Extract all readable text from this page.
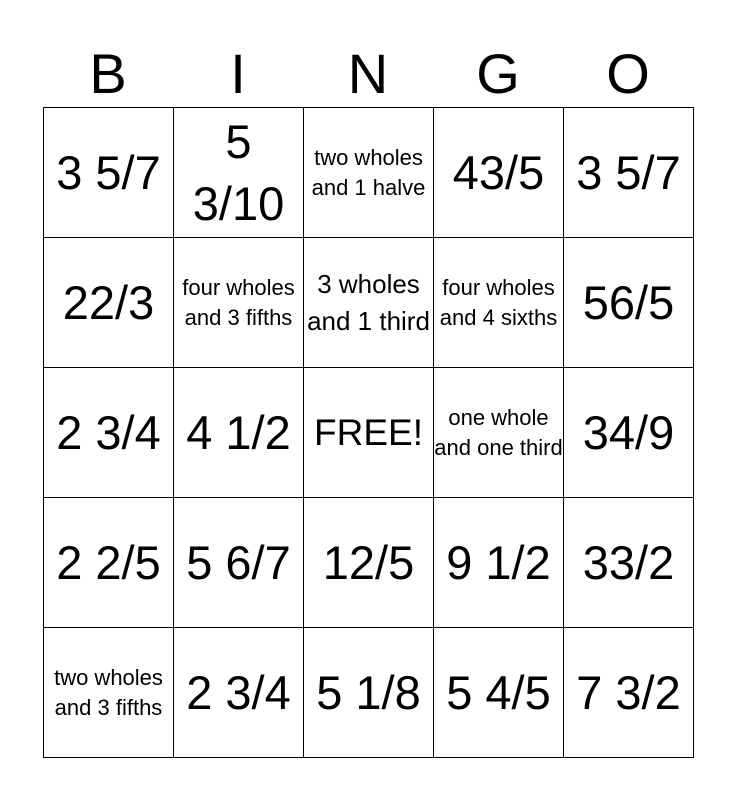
B	I	N	G	O
3 5/7	5 3/10	two wholes and 1 halve	43/5	3 5/7
22/3	four wholes and 3 fifths	3 wholes and 1 third	four wholes and 4 sixths	56/5
2 3/4	4 1/2	FREE!	one whole and one third	34/9
2 2/5	5 6/7	12/5	9 1/2	33/2
two wholes and 3 fifths	2 3/4	5 1/8	5 4/5	7 3/2
